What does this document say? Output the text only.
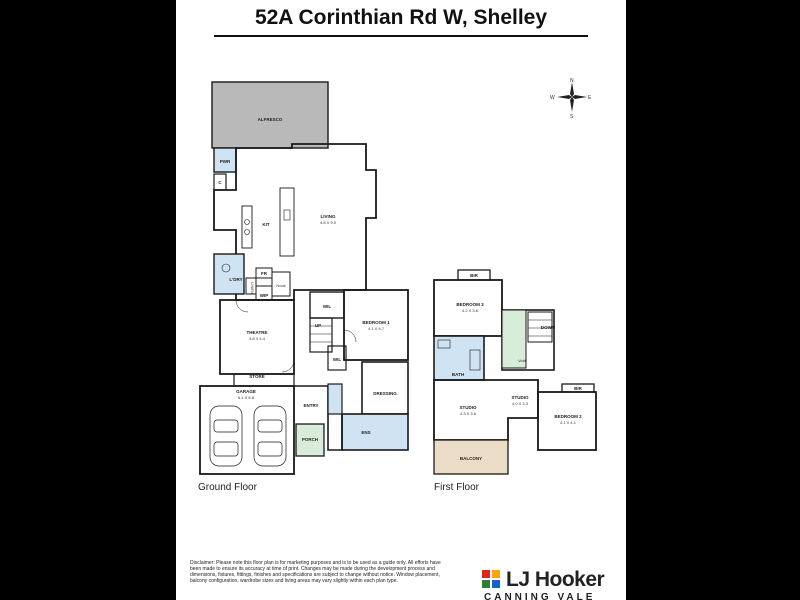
52A Corinthian Rd W, Shelley
ALFRESCO
PWR
C
LIVING
4.8 X 9.0
KIT
L'DRY
FR
LINEN	Nook
WIP
WIL
UP
BEDROOM 1
4.1 X 4.7
WIL
THEATRE
4.8 X 4.4
STORE
GARAGE
6.1 X 6.8
DRESSING
ENTRY
PORCH
ENS
BIR
BEDROOM 3
4.2 X 3.6
DOWN
Void
BATH
STUDIO
4.0 X 3.3
STUDIO
4.3 X 3.6
BIR
BEDROOM 2
4.1 X 4.1
BALCONY
N
S
W	E
Ground Floor	First Floor
Disclaimer: Please note this floor plan is for marketing purposes and is to be used as a guide only. All efforts have been made to ensure its accuracy at time of print. Changes may be made during the development process and dimensions, fixtures, fittings, finishes and specifications are subject to change without notice. Window placement, balcony configuration, wardrobe sizes and living areas may vary slightly within each plan type.	LJ Hooker
CANNING VALE
